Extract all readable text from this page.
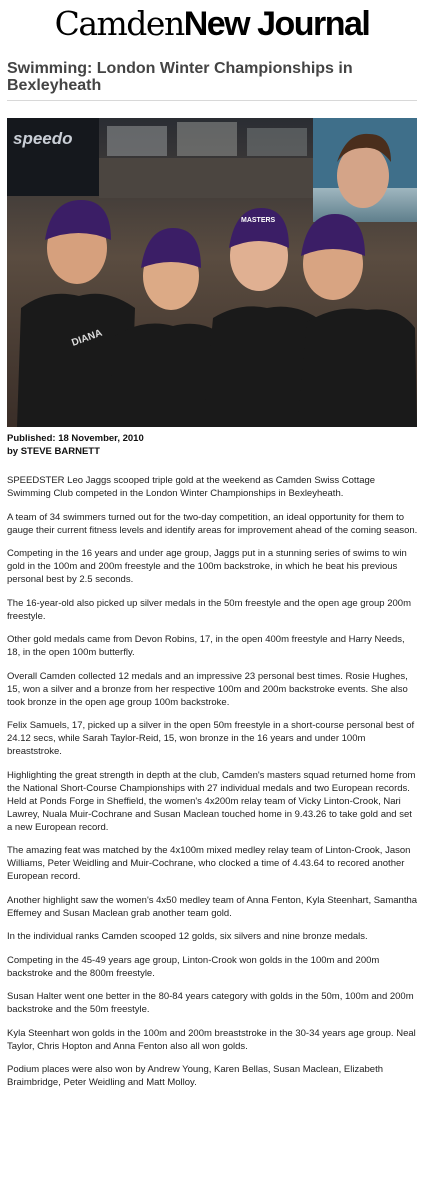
CamdenNew Journal
Swimming: London Winter Championships in Bexleyheath
speedo
DIANA
MASTERS
Published: 18 November, 2010
by STEVE BARNETT

SPEEDSTER Leo Jaggs scooped triple gold at the weekend as Camden Swiss Cottage Swimming Club competed in the London Winter Championships in Bexleyheath.

A team of 34 swimmers turned out for the two-day competition, an ideal opportunity for them to gauge their current fitness levels and identify areas for improvement ahead of the coming season.

Competing in the 16 years and under age group, Jaggs put in a stunning series of swims to win gold in the 100m and 200m freestyle and the 100m backstroke, in which he beat his previous personal best by 2.5 seconds.

The 16-year-old also picked up silver medals in the 50m freestyle and the open age group 200m freestyle.

Other gold medals came from Devon Robins, 17, in the open 400m freestyle and Harry Needs, 18, in the open 100m butterfly.

Overall Camden collected 12 medals and an impressive 23 personal best times. Rosie Hughes, 15, won a silver and a bronze from her respective 100m and 200m backstroke events. She also took bronze in the open age group 100m backstroke.

Felix Samuels, 17, picked up a silver in the open 50m freestyle in a short-course personal best of 24.12 secs, while Sarah Taylor-Reid, 15, won bronze in the 16 years and under 100m breaststroke.

Highlighting the great strength in depth at the club, Camden's masters squad returned home from the National Short-Course Championships with 27 individual medals and two European records. Held at Ponds Forge in Sheffield, the women's 4x200m relay team of Vicky Linton-Crook, Nari Lawrey, Nuala Muir-Cochrane and Susan Maclean touched home in 9.43.26 to take gold and set a new European record.

The amazing feat was matched by the 4x100m mixed medley relay team of Linton-Crook, Jason Williams, Peter Weidling and Muir-Cochrane, who clocked a time of 4.43.64 to recored another European record.

Another highlight saw the women's 4x50 medley team of Anna Fenton, Kyla Steenhart, Samantha Effemey and Susan Maclean grab another team gold.

In the individual ranks Camden scooped 12 golds, six silvers and nine bronze medals.

Competing in the 45-49 years age group, Linton-Crook won golds in the 100m and 200m backstroke and the 800m freestyle.

Susan Halter went one better in the 80-84 years category with golds in the 50m, 100m and 200m backstroke and the 50m freestyle.

Kyla Steenhart won golds in the 100m and 200m breaststroke in the 30-34 years age group. Neal Taylor, Chris Hopton and Anna Fenton also all won golds.

Podium places were also won by Andrew Young, Karen Bellas, Susan Maclean, Elizabeth Braimbridge, Peter Weidling and Matt Molloy.
